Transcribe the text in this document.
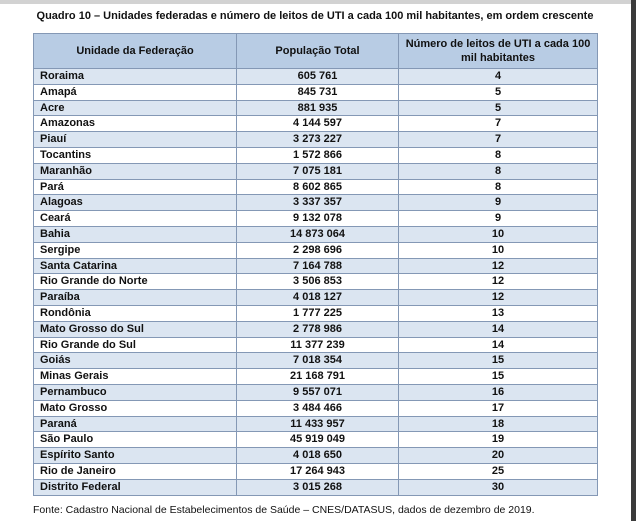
Quadro 10 – Unidades federadas e número de leitos de UTI a cada 100 mil habitantes, em ordem crescente

Unidade da Federação	População Total	Número de leitos de UTI a cada 100 mil habitantes
Roraima	605 761	4
Amapá	845 731	5
Acre	881 935	5
Amazonas	4 144 597	7
Piauí	3 273 227	7
Tocantins	1 572 866	8
Maranhão	7 075 181	8
Pará	8 602 865	8
Alagoas	3 337 357	9
Ceará	9 132 078	9
Bahia	14 873 064	10
Sergipe	2 298 696	10
Santa Catarina	7 164 788	12
Rio Grande do Norte	3 506 853	12
Paraíba	4 018 127	12
Rondônia	1 777 225	13
Mato Grosso do Sul	2 778 986	14
Rio Grande do Sul	11 377 239	14
Goiás	7 018 354	15
Minas Gerais	21 168 791	15
Pernambuco	9 557 071	16
Mato Grosso	3 484 466	17
Paraná	11 433 957	18
São Paulo	45 919 049	19
Espírito Santo	4 018 650	20
Rio de Janeiro	17 264 943	25
Distrito Federal	3 015 268	30

Fonte: Cadastro Nacional de Estabelecimentos de Saúde – CNES/DATASUS, dados de dezembro de 2019.
